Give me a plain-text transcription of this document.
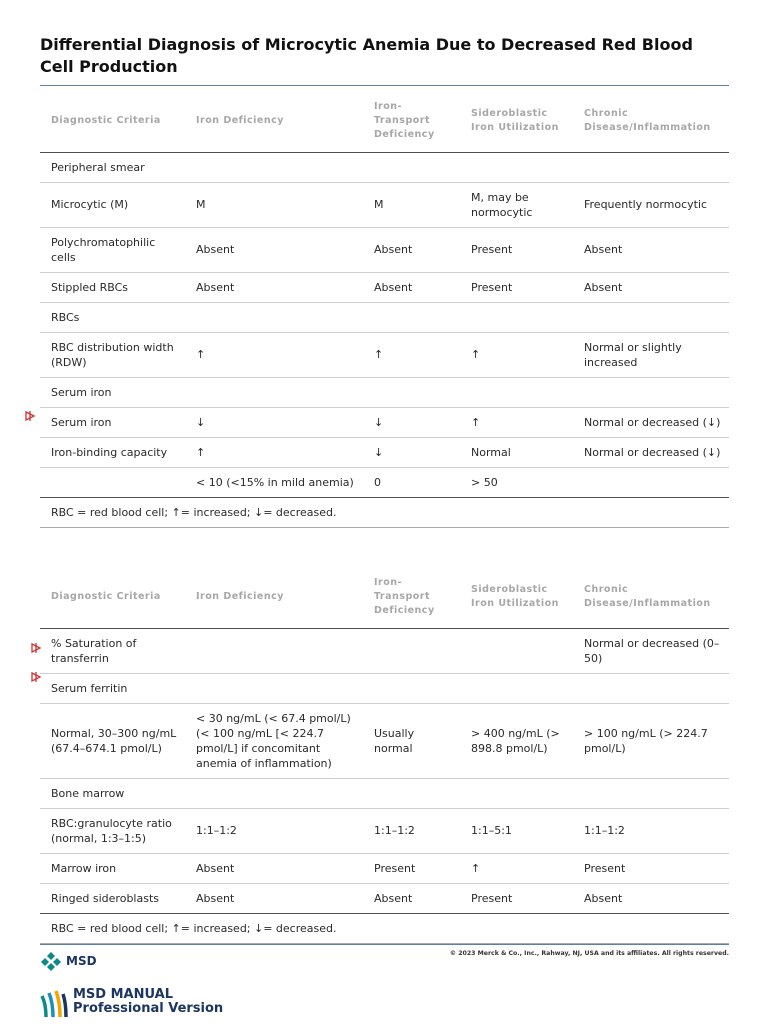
Differential Diagnosis of Microcytic Anemia Due to Decreased Red Blood Cell Production
Diagnostic Criteria	Iron Deficiency	Iron-Transport Deficiency	Sideroblastic Iron Utilization	Chronic Disease/Inflammation
Peripheral smear				
Microcytic (M)	M	M	M, may be normocytic	Frequently normocytic
Polychromatophilic cells	Absent	Absent	Present	Absent
Stippled RBCs	Absent	Absent	Present	Absent
RBCs				
RBC distribution width (RDW)	↑	↑	↑	Normal or slightly increased
Serum iron				
Serum iron	↓	↓	↑	Normal or decreased (↓)
Iron-binding capacity	↑	↓	Normal	Normal or decreased (↓)
	< 10 (<15% in mild anemia)	0	> 50	
RBC = red blood cell; ↑= increased; ↓= decreased.				
Diagnostic Criteria	Iron Deficiency	Iron-Transport Deficiency	Sideroblastic Iron Utilization	Chronic Disease/Inflammation
% Saturation of transferrin				Normal or decreased (0–50)
Serum ferritin				
Normal, 30–300 ng/mL (67.4–674.1 pmol/L)	< 30 ng/mL (< 67.4 pmol/L) (< 100 ng/mL [< 224.7 pmol/L] if concomitant anemia of inflammation)	Usually normal	> 400 ng/mL (> 898.8 pmol/L)	> 100 ng/mL (> 224.7 pmol/L)
Bone marrow				
RBC:granulocyte ratio (normal, 1:3–1:5)	1:1–1:2	1:1–1:2	1:1–5:1	1:1–1:2
Marrow iron	Absent	Present	↑	Present
Ringed sideroblasts	Absent	Absent	Present	Absent
RBC = red blood cell; ↑= increased; ↓= decreased.				
MSD
© 2023 Merck & Co., Inc., Rahway, NJ, USA and its affiliates. All rights reserved.
MSD MANUAL
Professional Version
